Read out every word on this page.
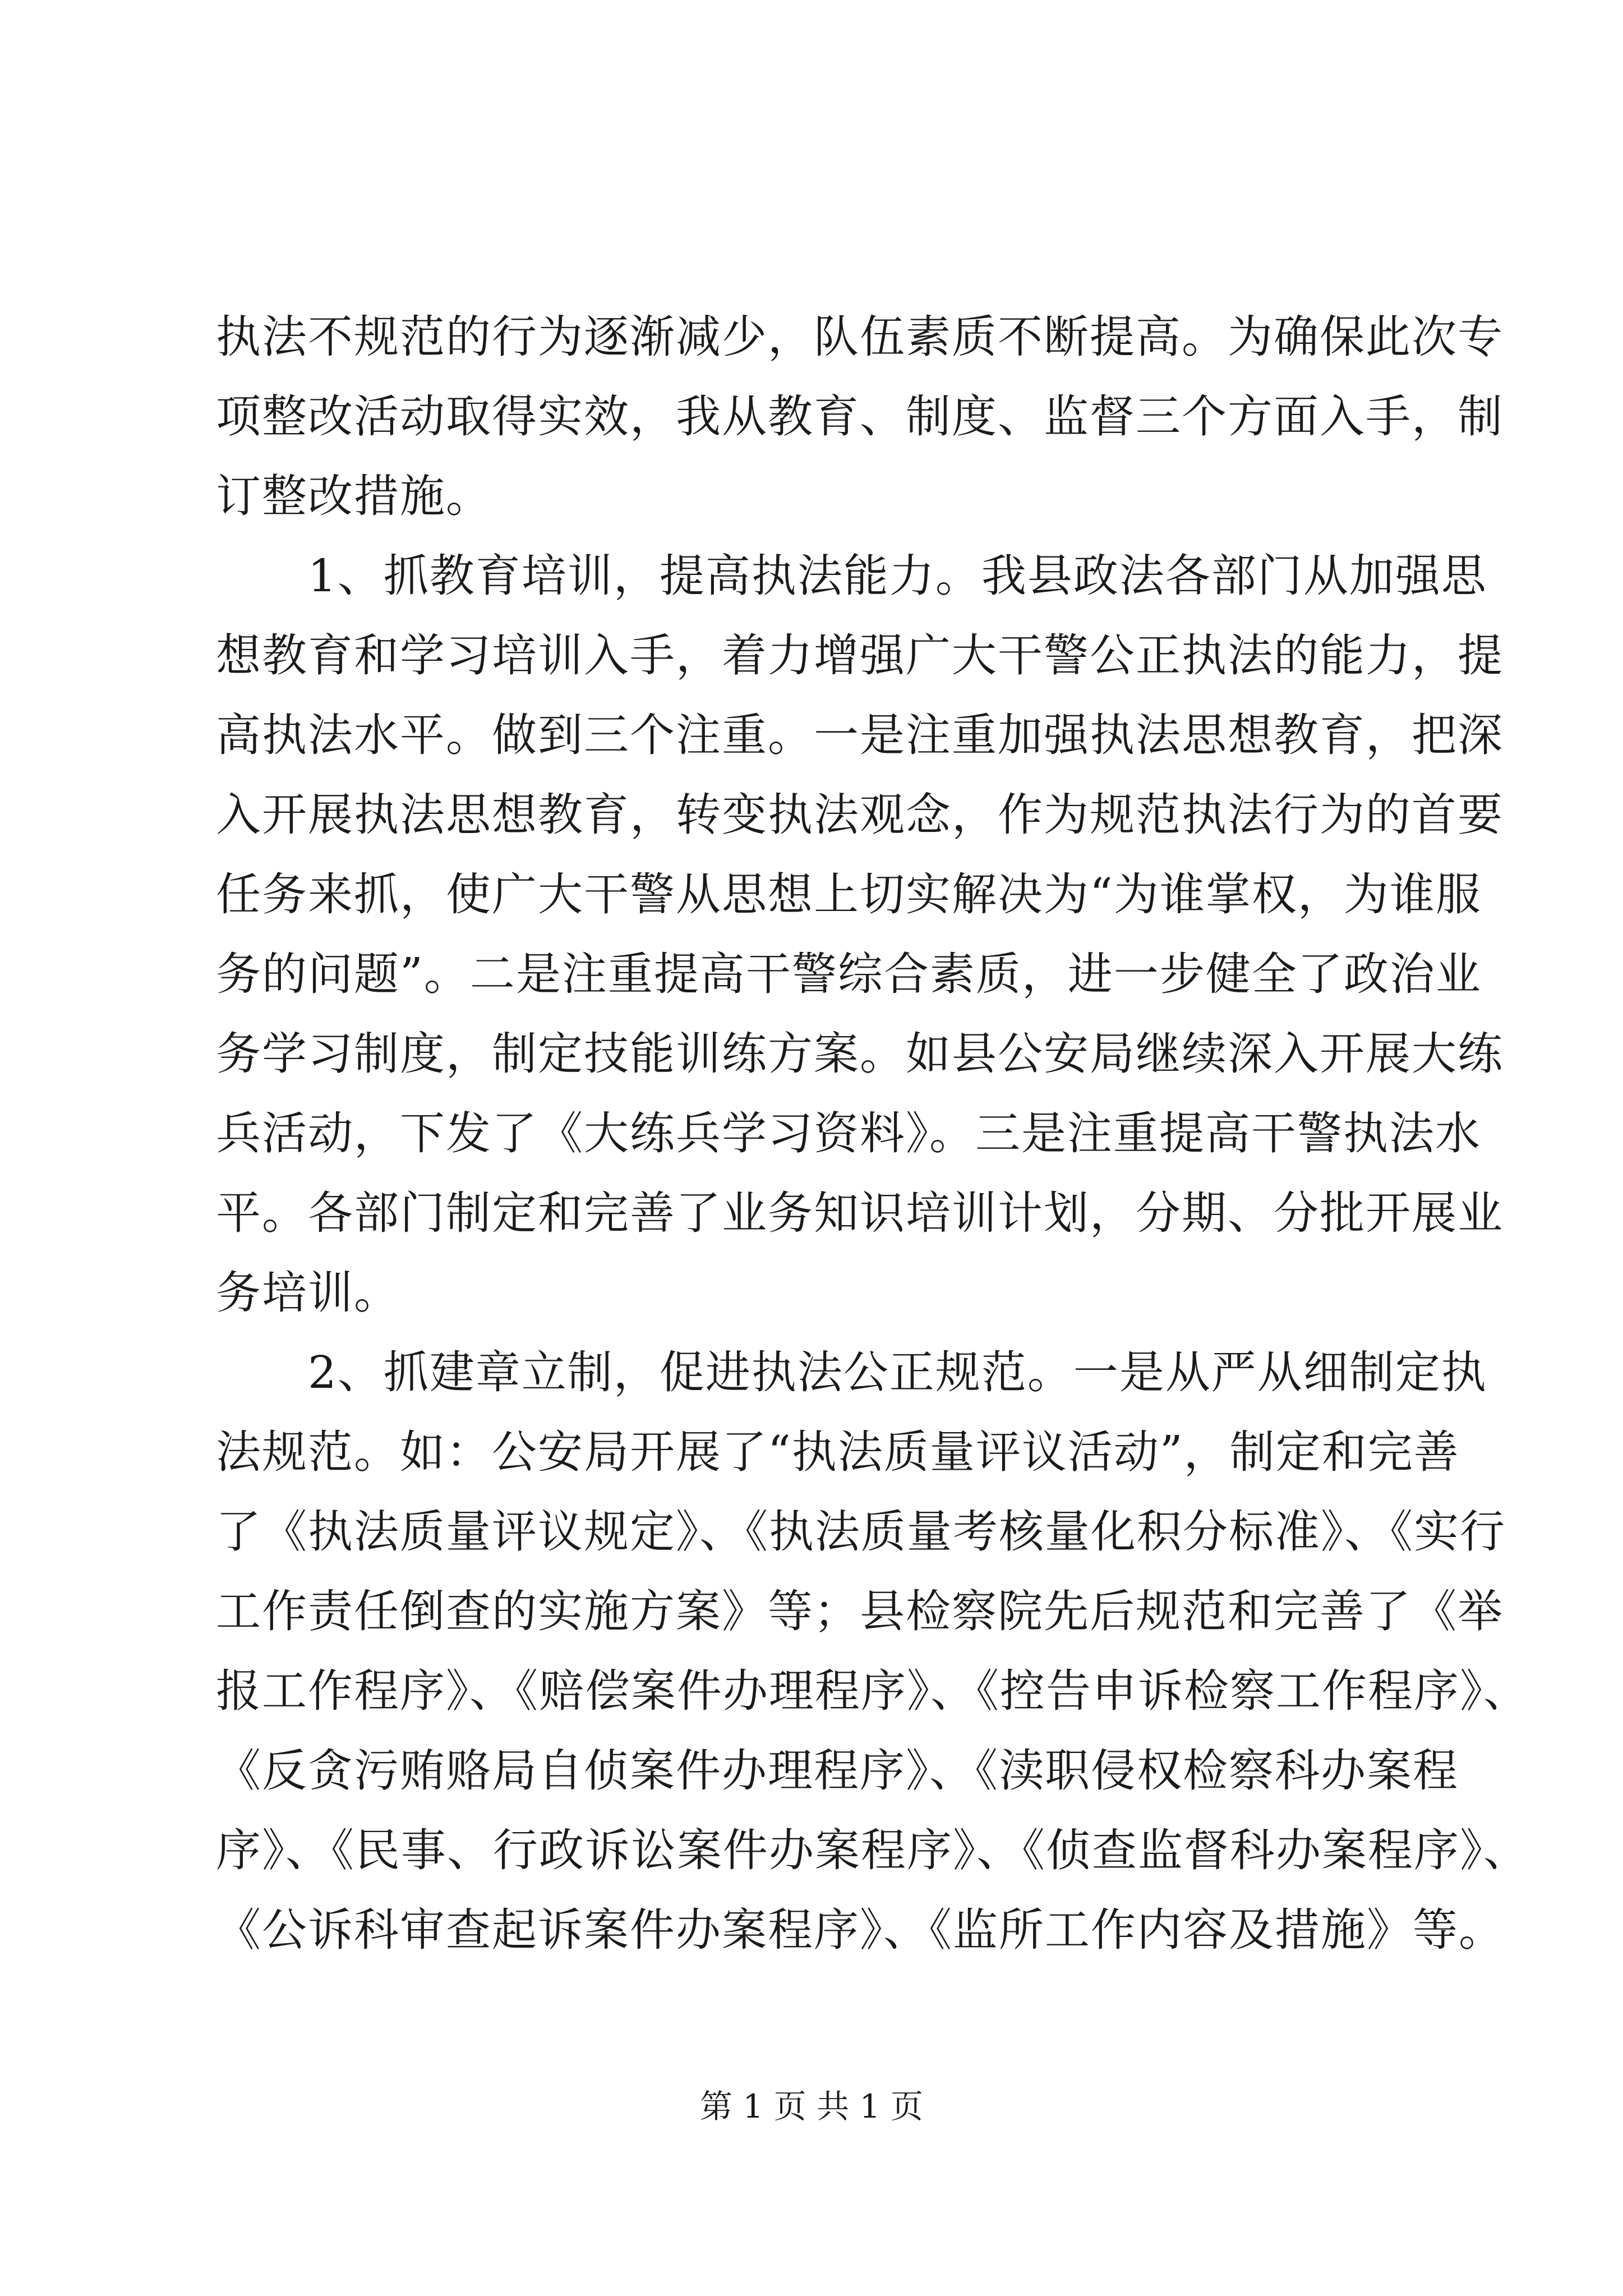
执法不规范的行为逐渐减少，队伍素质不断提高。为确保此次专
项整改活动取得实效，我从教育、制度、监督三个方面入手，制
订整改措施。
　　1、抓教育培训，提高执法能力。我县政法各部门从加强思
想教育和学习培训入手，着力增强广大干警公正执法的能力，提
高执法水平。做到三个注重。一是注重加强执法思想教育，把深
入开展执法思想教育，转变执法观念，作为规范执法行为的首要
任务来抓，使广大干警从思想上切实解决为“为谁掌权，为谁服
务的问题”。二是注重提高干警综合素质，进一步健全了政治业
务学习制度，制定技能训练方案。如县公安局继续深入开展大练
兵活动，下发了《大练兵学习资料》。三是注重提高干警执法水
平。各部门制定和完善了业务知识培训计划，分期、分批开展业
务培训。
　　2、抓建章立制，促进执法公正规范。一是从严从细制定执
法规范。如：公安局开展了“执法质量评议活动”，制定和完善
了《执法质量评议规定》、《执法质量考核量化积分标准》、《实行
工作责任倒查的实施方案》等；县检察院先后规范和完善了《举
报工作程序》、《赔偿案件办理程序》、《控告申诉检察工作程序》、
《反贪污贿赂局自侦案件办理程序》、《渎职侵权检察科办案程
序》、《民事、行政诉讼案件办案程序》、《侦查监督科办案程序》、
《公诉科审查起诉案件办案程序》、《监所工作内容及措施》等。
第 1 页 共 1 页
